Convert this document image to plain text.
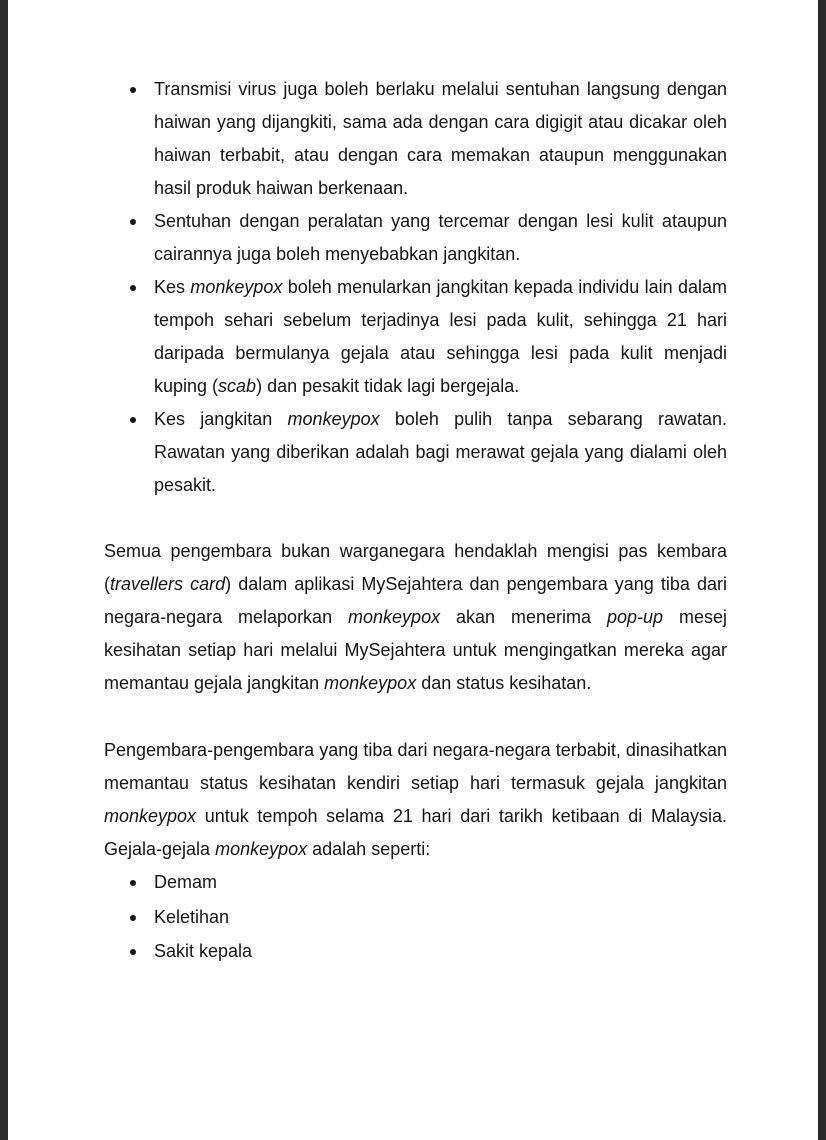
Transmisi virus juga boleh berlaku melalui sentuhan langsung dengan haiwan yang dijangkiti, sama ada dengan cara digigit atau dicakar oleh haiwan terbabit, atau dengan cara memakan ataupun menggunakan hasil produk haiwan berkenaan.
Sentuhan dengan peralatan yang tercemar dengan lesi kulit ataupun cairannya juga boleh menyebabkan jangkitan.
Kes monkeypox boleh menularkan jangkitan kepada individu lain dalam tempoh sehari sebelum terjadinya lesi pada kulit, sehingga 21 hari daripada bermulanya gejala atau sehingga lesi pada kulit menjadi kuping (scab) dan pesakit tidak lagi bergejala.
Kes jangkitan monkeypox boleh pulih tanpa sebarang rawatan. Rawatan yang diberikan adalah bagi merawat gejala yang dialami oleh pesakit.

Semua pengembara bukan warganegara hendaklah mengisi pas kembara (travellers card) dalam aplikasi MySejahtera dan pengembara yang tiba dari negara-negara melaporkan monkeypox akan menerima pop-up mesej kesihatan setiap hari melalui MySejahtera untuk mengingatkan mereka agar memantau gejala jangkitan monkeypox dan status kesihatan.

Pengembara-pengembara yang tiba dari negara-negara terbabit, dinasihatkan memantau status kesihatan kendiri setiap hari termasuk gejala jangkitan monkeypox untuk tempoh selama 21 hari dari tarikh ketibaan di Malaysia. Gejala-gejala monkeypox adalah seperti:

Demam
Keletihan
Sakit kepala
